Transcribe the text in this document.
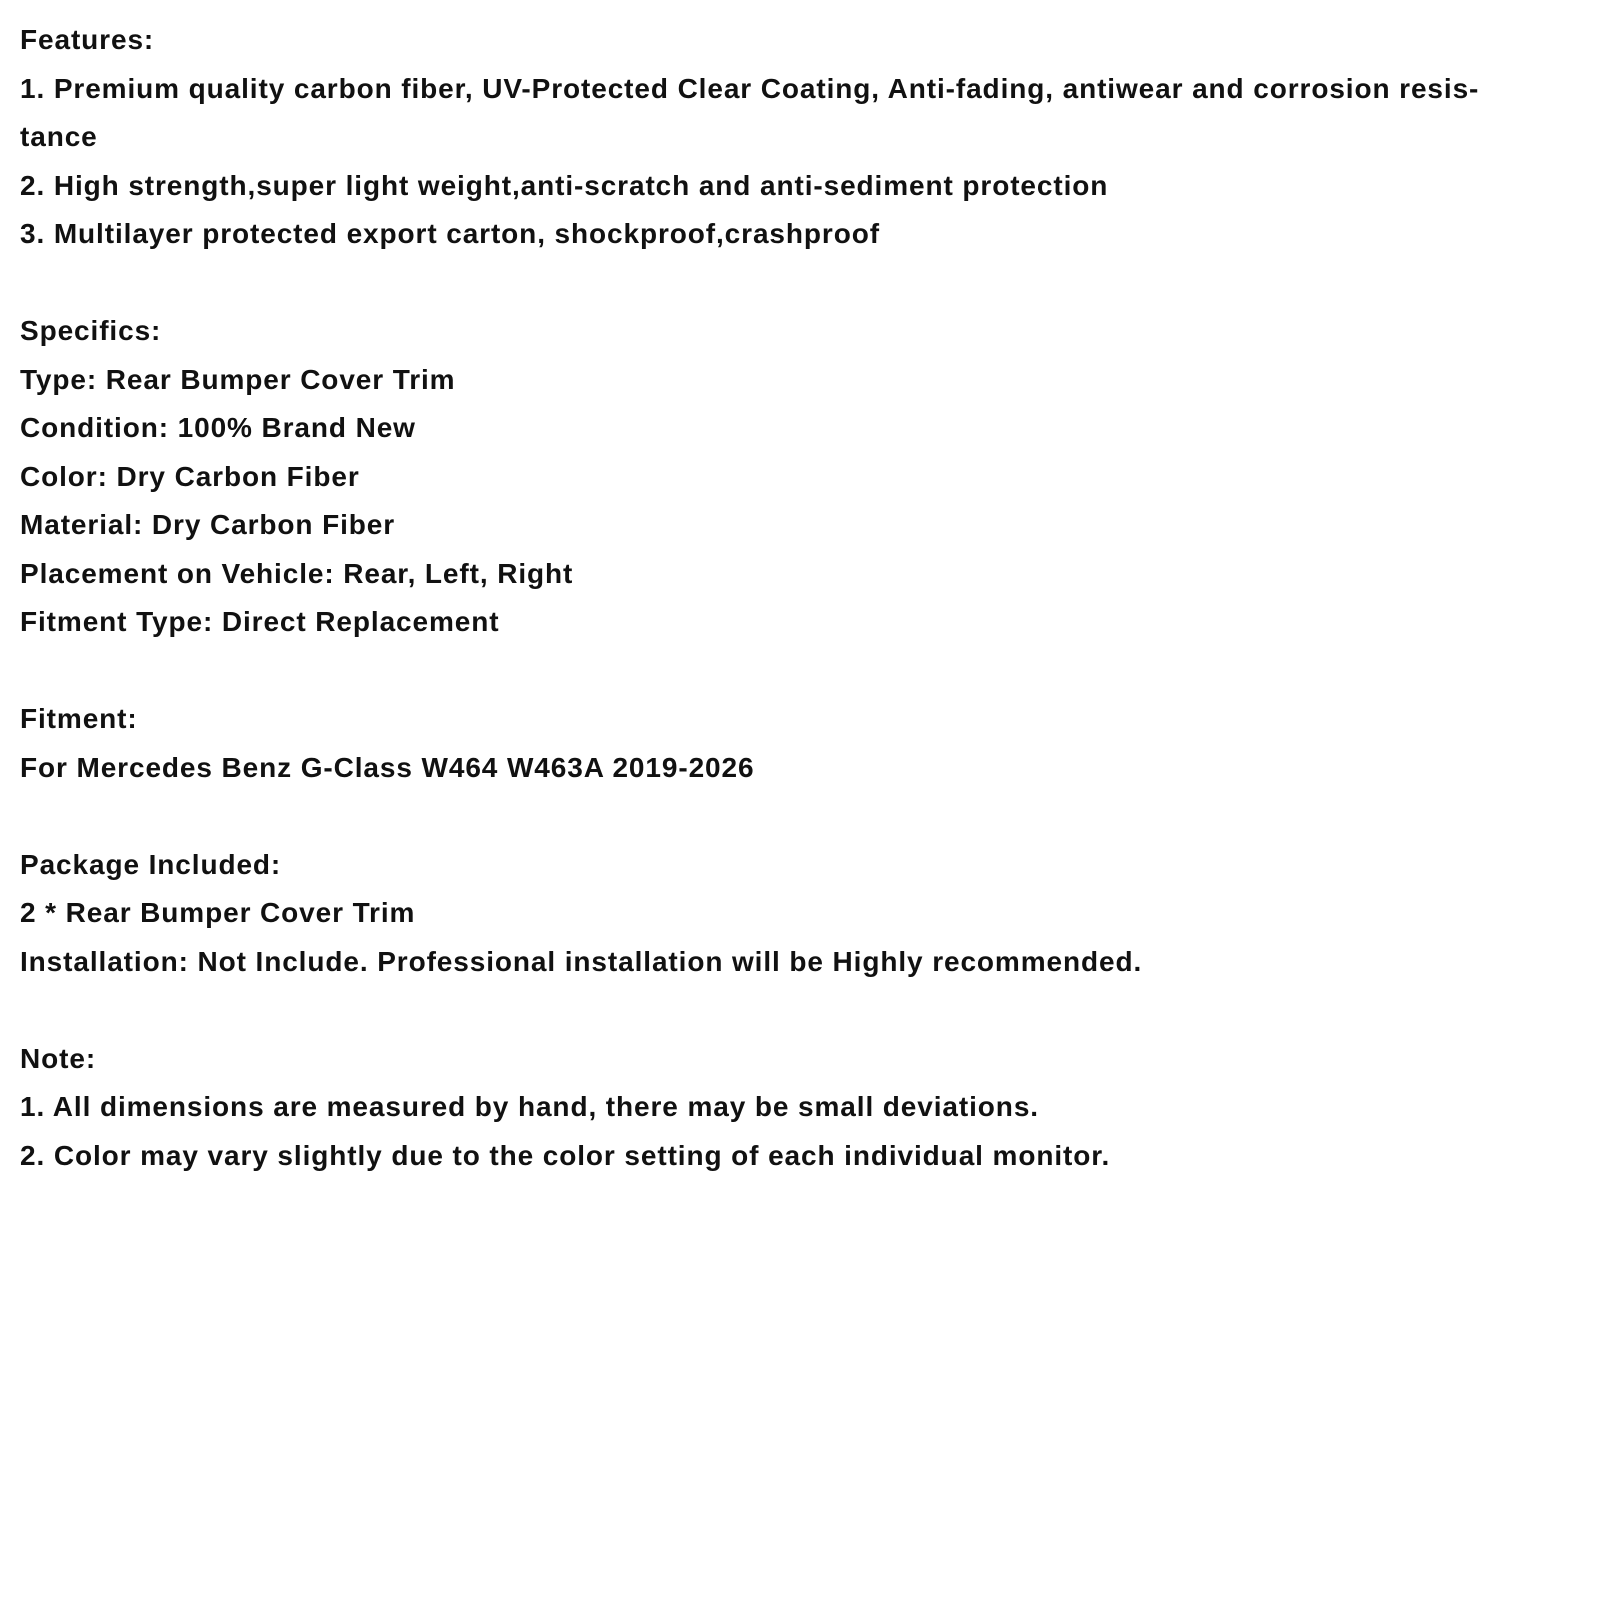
Features:
1. Premium quality carbon fiber, UV-Protected Clear Coating, Anti-fading, antiwear and corrosion resis-
tance
2. High strength,super light weight,anti-scratch and anti-sediment protection
3. Multilayer protected export carton, shockproof,crashproof
Specifics:
Type: Rear Bumper Cover Trim
Condition: 100% Brand New
Color: Dry Carbon Fiber
Material: Dry Carbon Fiber
Placement on Vehicle: Rear, Left, Right
Fitment Type: Direct Replacement
Fitment:
For Mercedes Benz G-Class W464 W463A 2019-2026
Package Included:
2 * Rear Bumper Cover Trim
Installation: Not Include. Professional installation will be Highly recommended.
Note:
1. All dimensions are measured by hand, there may be small deviations.
2. Color may vary slightly due to the color setting of each individual monitor.
